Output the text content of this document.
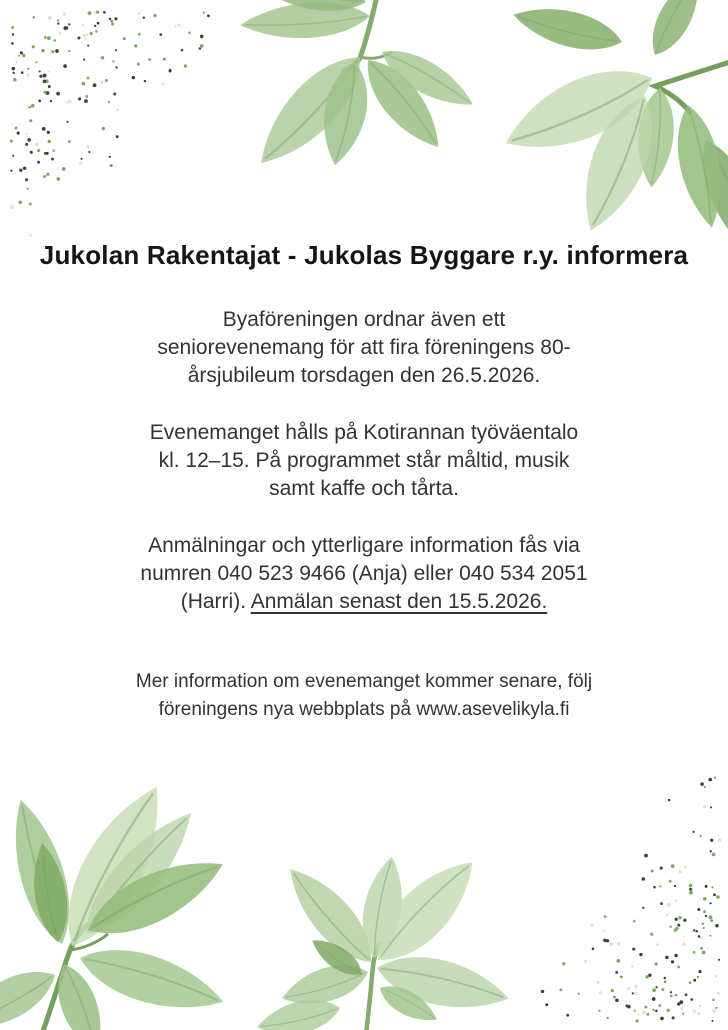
Jukolan Rakentajat - Jukolas Byggare r.y. informera
Byaföreningen ordnar även ett
seniorevenemang för att fira föreningens 80-
årsjubileum torsdagen den 26.5.2026.
Evenemanget hålls på Kotirannan työväentalo
kl. 12–15. På programmet står måltid, musik
samt kaffe och tårta.
Anmälningar och ytterligare information fås via
numren 040 523 9466 (Anja) eller 040 534 2051
(Harri). Anmälan senast den 15.5.2026.
Mer information om evenemanget kommer senare, följ
föreningens nya webbplats på www.asevelikyla.fi
